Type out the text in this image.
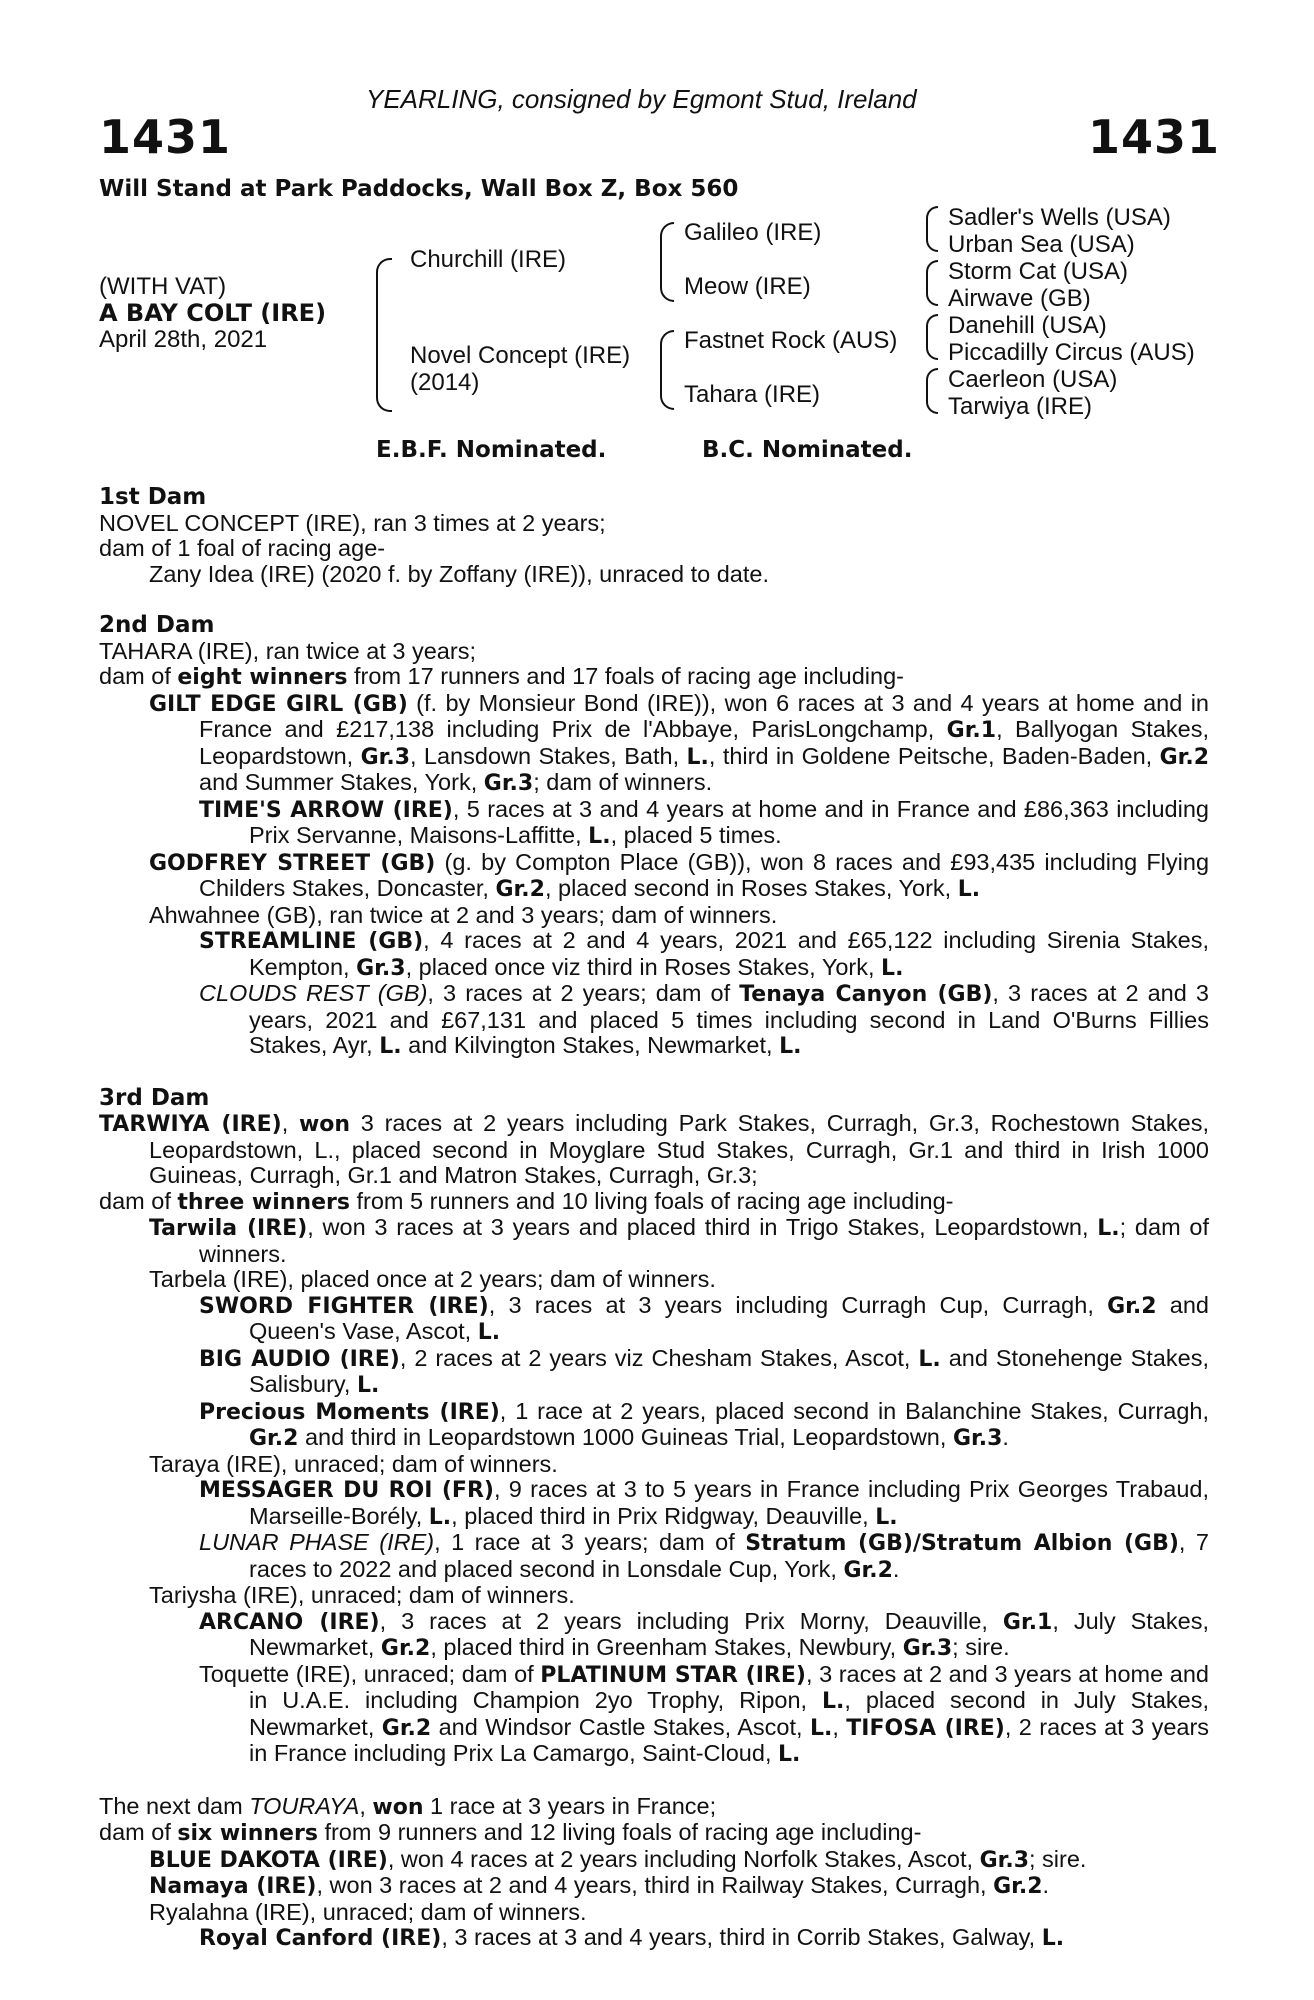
YEARLING, consigned by Egmont Stud, Ireland
1431	1431
Will Stand at Park Paddocks, Wall Box Z, Box 560
(WITH VAT)
A BAY COLT (IRE)
April 28th, 2021
Churchill (IRE)
Novel Concept (IRE)
(2014)
Galileo (IRE)
Meow (IRE)
Fastnet Rock (AUS)
Tahara (IRE)
Sadler's Wells (USA)
Urban Sea (USA)
Storm Cat (USA)
Airwave (GB)
Danehill (USA)
Piccadilly Circus (AUS)
Caerleon (USA)
Tarwiya (IRE)
E.B.F. Nominated.	B.C. Nominated.

1st Dam

NOVEL CONCEPT (IRE), ran 3 times at 2 years;

dam of 1 foal of racing age-

Zany Idea (IRE) (2020 f. by Zoffany (IRE)), unraced to date.

2nd Dam

TAHARA (IRE), ran twice at 3 years;

dam of eight winners from 17 runners and 17 foals of racing age including-

GILT EDGE GIRL (GB) (f. by Monsieur Bond (IRE)), won 6 races at 3 and 4 years at home and in France and £217,138 including Prix de l'Abbaye, ParisLongchamp, Gr.1, Ballyogan Stakes, Leopardstown, Gr.3, Lansdown Stakes, Bath, L., third in Goldene Peitsche, Baden-Baden, Gr.2 and Summer Stakes, York, Gr.3; dam of winners.

TIME'S ARROW (IRE), 5 races at 3 and 4 years at home and in France and £86,363 including Prix Servanne, Maisons-Laffitte, L., placed 5 times.

GODFREY STREET (GB) (g. by Compton Place (GB)), won 8 races and £93,435 including Flying Childers Stakes, Doncaster, Gr.2, placed second in Roses Stakes, York, L.

Ahwahnee (GB), ran twice at 2 and 3 years; dam of winners.

STREAMLINE (GB), 4 races at 2 and 4 years, 2021 and £65,122 including Sirenia Stakes, Kempton, Gr.3, placed once viz third in Roses Stakes, York, L.

CLOUDS REST (GB), 3 races at 2 years; dam of Tenaya Canyon (GB), 3 races at 2 and 3 years, 2021 and £67,131 and placed 5 times including second in Land O'Burns Fillies Stakes, Ayr, L. and Kilvington Stakes, Newmarket, L.

3rd Dam

TARWIYA (IRE), won 3 races at 2 years including Park Stakes, Curragh, Gr.3, Rochestown Stakes, Leopardstown, L., placed second in Moyglare Stud Stakes, Curragh, Gr.1 and third in Irish 1000 Guineas, Curragh, Gr.1 and Matron Stakes, Curragh, Gr.3;

dam of three winners from 5 runners and 10 living foals of racing age including-

Tarwila (IRE), won 3 races at 3 years and placed third in Trigo Stakes, Leopardstown, L.; dam of winners.

Tarbela (IRE), placed once at 2 years; dam of winners.

SWORD FIGHTER (IRE), 3 races at 3 years including Curragh Cup, Curragh, Gr.2 and Queen's Vase, Ascot, L.

BIG AUDIO (IRE), 2 races at 2 years viz Chesham Stakes, Ascot, L. and Stonehenge Stakes, Salisbury, L.

Precious Moments (IRE), 1 race at 2 years, placed second in Balanchine Stakes, Curragh, Gr.2 and third in Leopardstown 1000 Guineas Trial, Leopardstown, Gr.3.

Taraya (IRE), unraced; dam of winners.

MESSAGER DU ROI (FR), 9 races at 3 to 5 years in France including Prix Georges Trabaud, Marseille-Borély, L., placed third in Prix Ridgway, Deauville, L.

LUNAR PHASE (IRE), 1 race at 3 years; dam of Stratum (GB)/Stratum Albion (GB), 7 races to 2022 and placed second in Lonsdale Cup, York, Gr.2.

Tariysha (IRE), unraced; dam of winners.

ARCANO (IRE), 3 races at 2 years including Prix Morny, Deauville, Gr.1, July Stakes, Newmarket, Gr.2, placed third in Greenham Stakes, Newbury, Gr.3; sire.

Toquette (IRE), unraced; dam of PLATINUM STAR (IRE), 3 races at 2 and 3 years at home and in U.A.E. including Champion 2yo Trophy, Ripon, L., placed second in July Stakes, Newmarket, Gr.2 and Windsor Castle Stakes, Ascot, L., TIFOSA (IRE), 2 races at 3 years in France including Prix La Camargo, Saint-Cloud, L.

The next dam TOURAYA, won 1 race at 3 years in France;

dam of six winners from 9 runners and 12 living foals of racing age including-

BLUE DAKOTA (IRE), won 4 races at 2 years including Norfolk Stakes, Ascot, Gr.3; sire.

Namaya (IRE), won 3 races at 2 and 4 years, third in Railway Stakes, Curragh, Gr.2.

Ryalahna (IRE), unraced; dam of winners.

Royal Canford (IRE), 3 races at 3 and 4 years, third in Corrib Stakes, Galway, L.
